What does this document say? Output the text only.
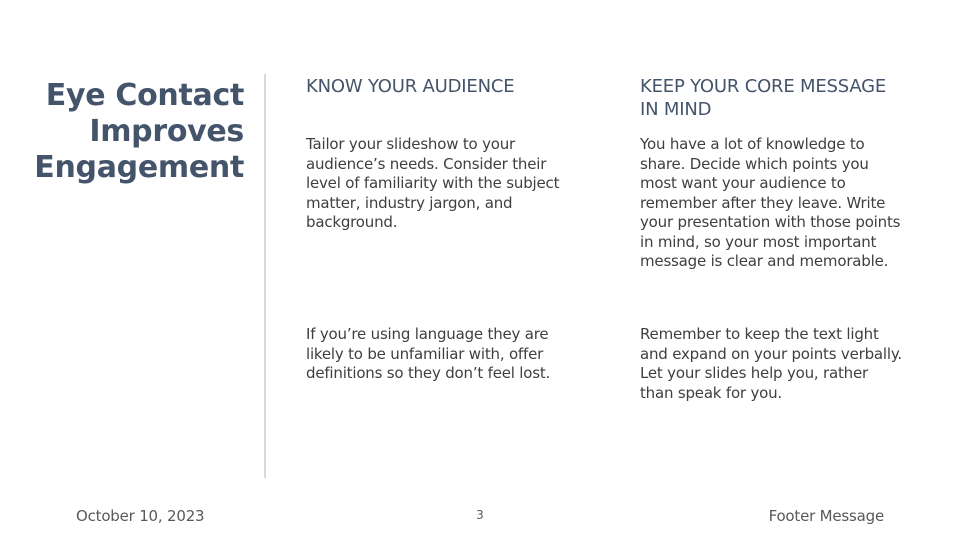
Eye Contact
Improves
Engagement
KNOW YOUR AUDIENCE

Tailor your slideshow to your audience’s needs. Consider their level of familiarity with the subject matter, industry jargon, and background.

If you’re using language they are likely to be unfamiliar with, offer definitions so they don’t feel lost.

KEEP YOUR CORE MESSAGE IN MIND

You have a lot of knowledge to share. Decide which points you most want your audience to remember after they leave. Write your presentation with those points in mind, so your most important message is clear and memorable.

Remember to keep the text light and expand on your points verbally. Let your slides help you, rather than speak for you.

October 10, 2023	3	Footer Message
